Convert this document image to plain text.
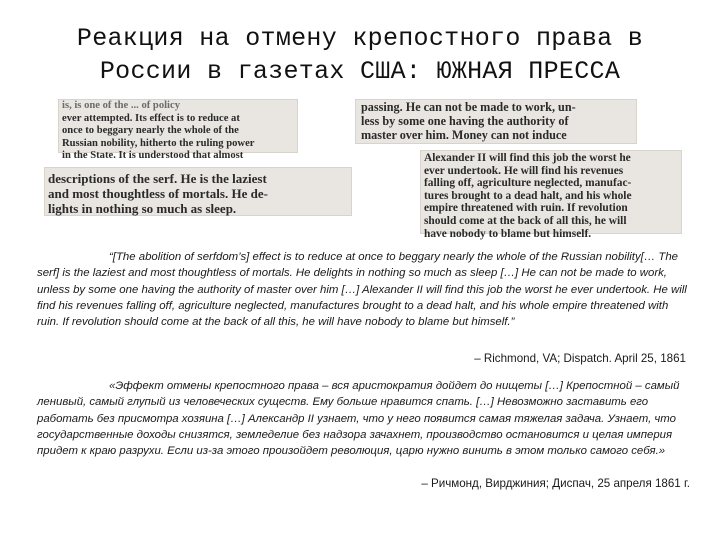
Реакция на отмену крепостного права в
России в газетах США: ЮЖНАЯ ПРЕССА

is, is one of the ... of policy

ever attempted. Its effect is to reduce at

once to beggary nearly the whole of the

Russian nobility, hitherto the ruling power

in the State. It is understood that almost

descriptions of the serf. He is the laziest

and most thoughtless of mortals. He de-

lights in nothing so much as sleep.

passing. He can not be made to work, un-

less by some one having the authority of

master over him. Money can not induce

Alexander II will find this job the worst he

ever undertook. He will find his revenues

falling off, agriculture neglected, manufac-

tures brought to a dead halt, and his whole

empire threatened with ruin. If revolution

should come at the back of all this, he will

have nobody to blame but himself.

“[The abolition of serfdom’s] effect is to reduce at once to beggary nearly the whole of the Russian nobility[… The serf] is the laziest and most thoughtless of mortals. He delights in nothing so much as sleep […] He can not be made to work, unless by some one having the authority of master over him […] Alexander II will find this job the worst he ever undertook. He will find his revenues falling off, agriculture neglected, manufactures brought to a dead halt, and his whole empire threatened with ruin. If revolution should come at the back of all this, he will have nobody to blame but himself.”

– Richmond, VA; Dispatch. April 25, 1861

«Эффект отмены крепостного права – вся аристократия дойдет до нищеты […] Крепостной – самый ленивый, самый глупый из человеческих существ. Ему больше нравится спать. […] Невозможно заставить его работать без присмотра хозяина […] Александр II узнает, что у него появится самая тяжелая задача. Узнает, что государственные доходы снизятся, земледелие без надзора зачахнет, производство остановится и целая империя придет к краю разрухи. Если из-за этого произойдет революция, царю нужно винить в этом только самого себя.»

– Ричмонд, Вирджиния; Диспач, 25 апреля 1861 г.
